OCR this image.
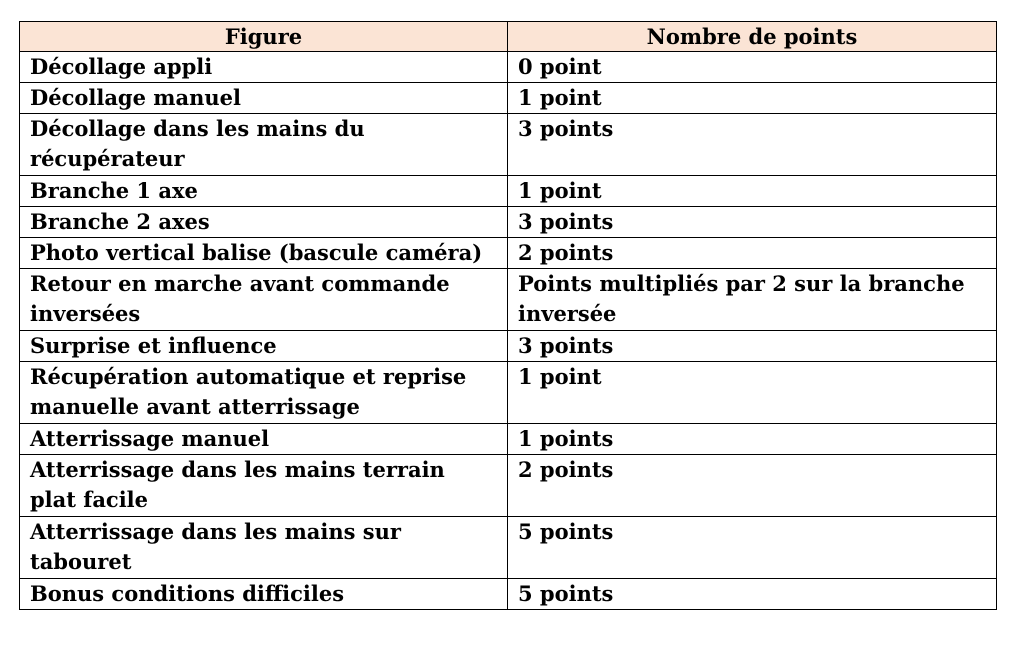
Figure	Nombre de points
Décollage appli	0 point
Décollage manuel	1 point
Décollage dans les mains du récupérateur	3 points
Branche 1 axe	1 point
Branche 2 axes	3 points
Photo vertical balise (bascule caméra)	2 points
Retour en marche avant commande inversées	Points multipliés par 2 sur la branche inversée
Surprise et influence	3 points
Récupération automatique et reprise manuelle avant atterrissage	1 point
Atterrissage manuel	1 points
Atterrissage dans les mains terrain plat facile	2 points
Atterrissage dans les mains sur tabouret	5 points
Bonus conditions difficiles	5 points
